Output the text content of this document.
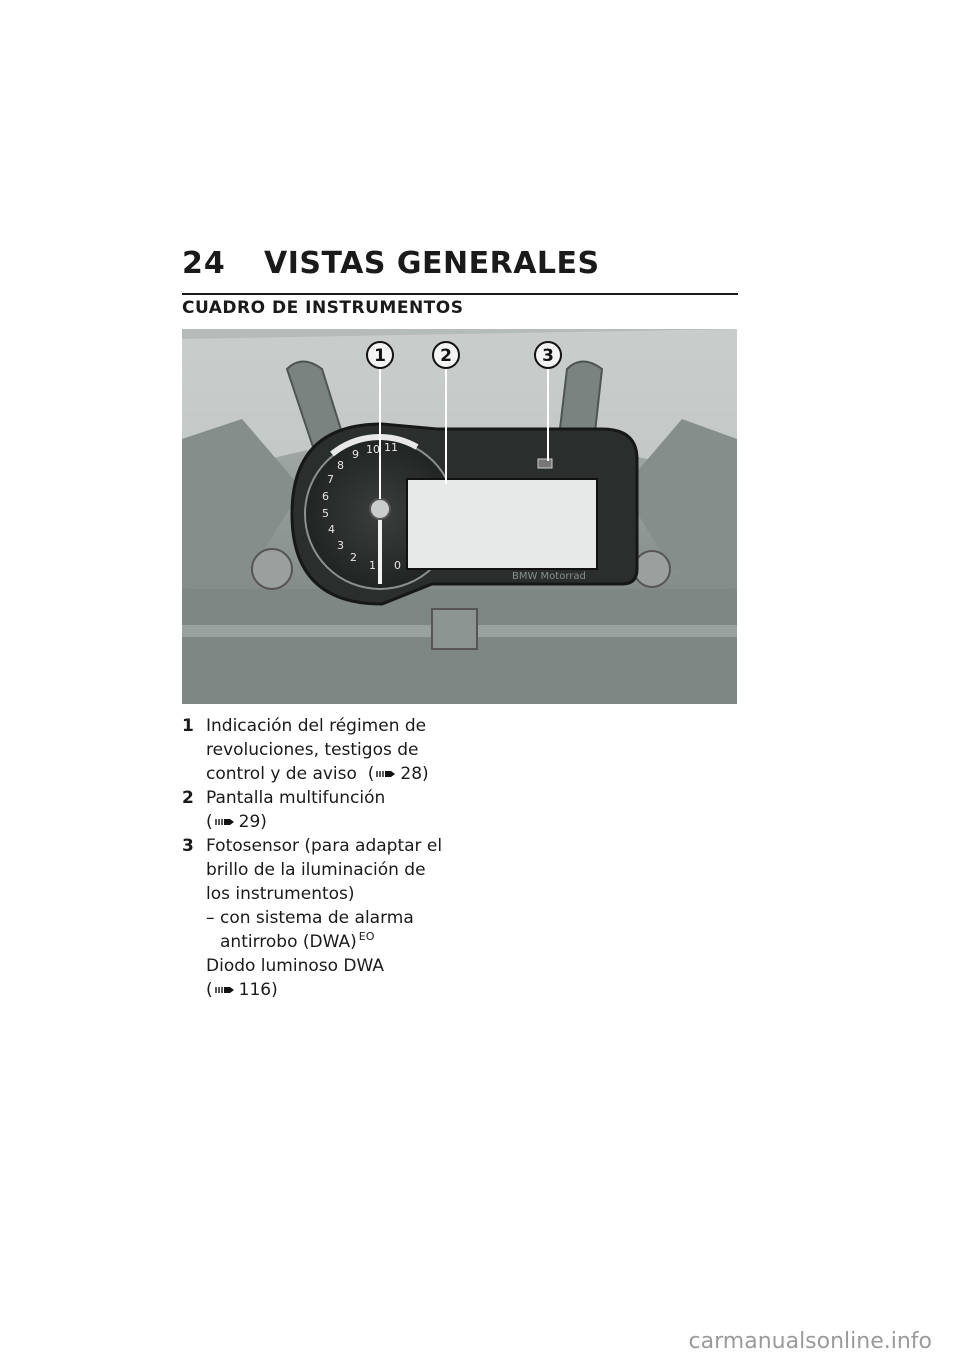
24 VISTAS GENERALES
CUADRO DE INSTRUMENTOS
0
1
2
3
4
5
6
7
8
9 10 11
BMW Motorrad
1	2	3
1 Indicación del régimen de revoluciones, testigos de control y de aviso ( 28)
2 Pantalla multifunción
( 29)
3 Fotosensor (para adaptar el brillo de la iluminación de los instrumentos)
– con sistema de alarma antirrobo (DWA) $^{EO}$
Diodo luminoso DWA
( 116)
carmanualsonline.info
